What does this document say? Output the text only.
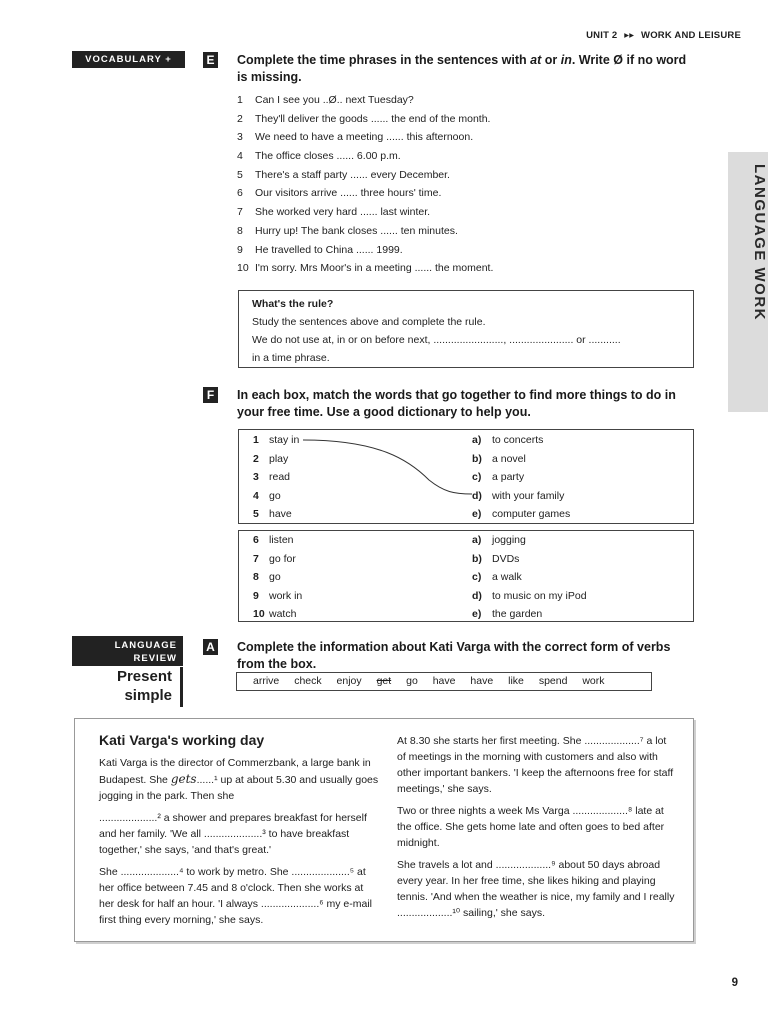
UNIT 2 ▸▸ WORK AND LEISURE
LANGUAGE WORK
VOCABULARY +	E Complete the time phrases in the sentences with at or in. Write Ø if no word
is missing.
1 Can I see you ..Ø.. next Tuesday?
2 They'll deliver the goods ...... the end of the month.
3 We need to have a meeting ...... this afternoon.
4 The office closes ...... 6.00 p.m.
5 There's a staff party ...... every December.
6 Our visitors arrive ...... three hours' time.
7 She worked very hard ...... last winter.
8 Hurry up! The bank closes ...... ten minutes.
9 He travelled to China ...... 1999.
10 I'm sorry. Mrs Moor's in a meeting ...... the moment.
What's the rule?
Study the sentences above and complete the rule.
We do not use at, in or on before next, ........................, ...................... or ...........
in a time phrase.
F	In each box, match the words that go together to find more things to do in
your free time. Use a good dictionary to help you.
1 stay in	a) to concerts
2 play	b) a novel
3 read	c) a party
4 go	d) with your family
5 have	e) computer games
6 listen	a) jogging
7 go for	b) DVDs
8 go	c) a walk
9 work in	d) to music on my iPod
10 watch	e) the garden
LANGUAGE
REVIEW
Present
simple
A Complete the information about Kati Varga with the correct form of verbs
from the box.
arrive check enjoy get go have have like spend work
Kati Varga's working day

Kati Varga is the director of Commerzbank, a large bank in Budapest. She gets......¹ up at about 5.30 and usually goes jogging in the park. Then she

....................² a shower and prepares breakfast for herself and her family. 'We all ....................³ to have breakfast together,' she says, 'and that's great.'

She ....................⁴ to work by metro. She ....................⁵ at her office between 7.45 and 8 o'clock. Then she works at her desk for half an hour. 'I always ....................⁶ my e-mail first thing every morning,' she says.

At 8.30 she starts her first meeting. She ...................⁷ a lot of meetings in the morning with customers and also with other important bankers. 'I keep the afternoons free for staff meetings,' she says.

Two or three nights a week Ms Varga ...................⁸ late at the office. She gets home late and often goes to bed after midnight.

She travels a lot and ...................⁹ about 50 days abroad every year. In her free time, she likes hiking and playing tennis. 'And when the weather is nice, my family and I really ...................¹⁰ sailing,' she says.

9
